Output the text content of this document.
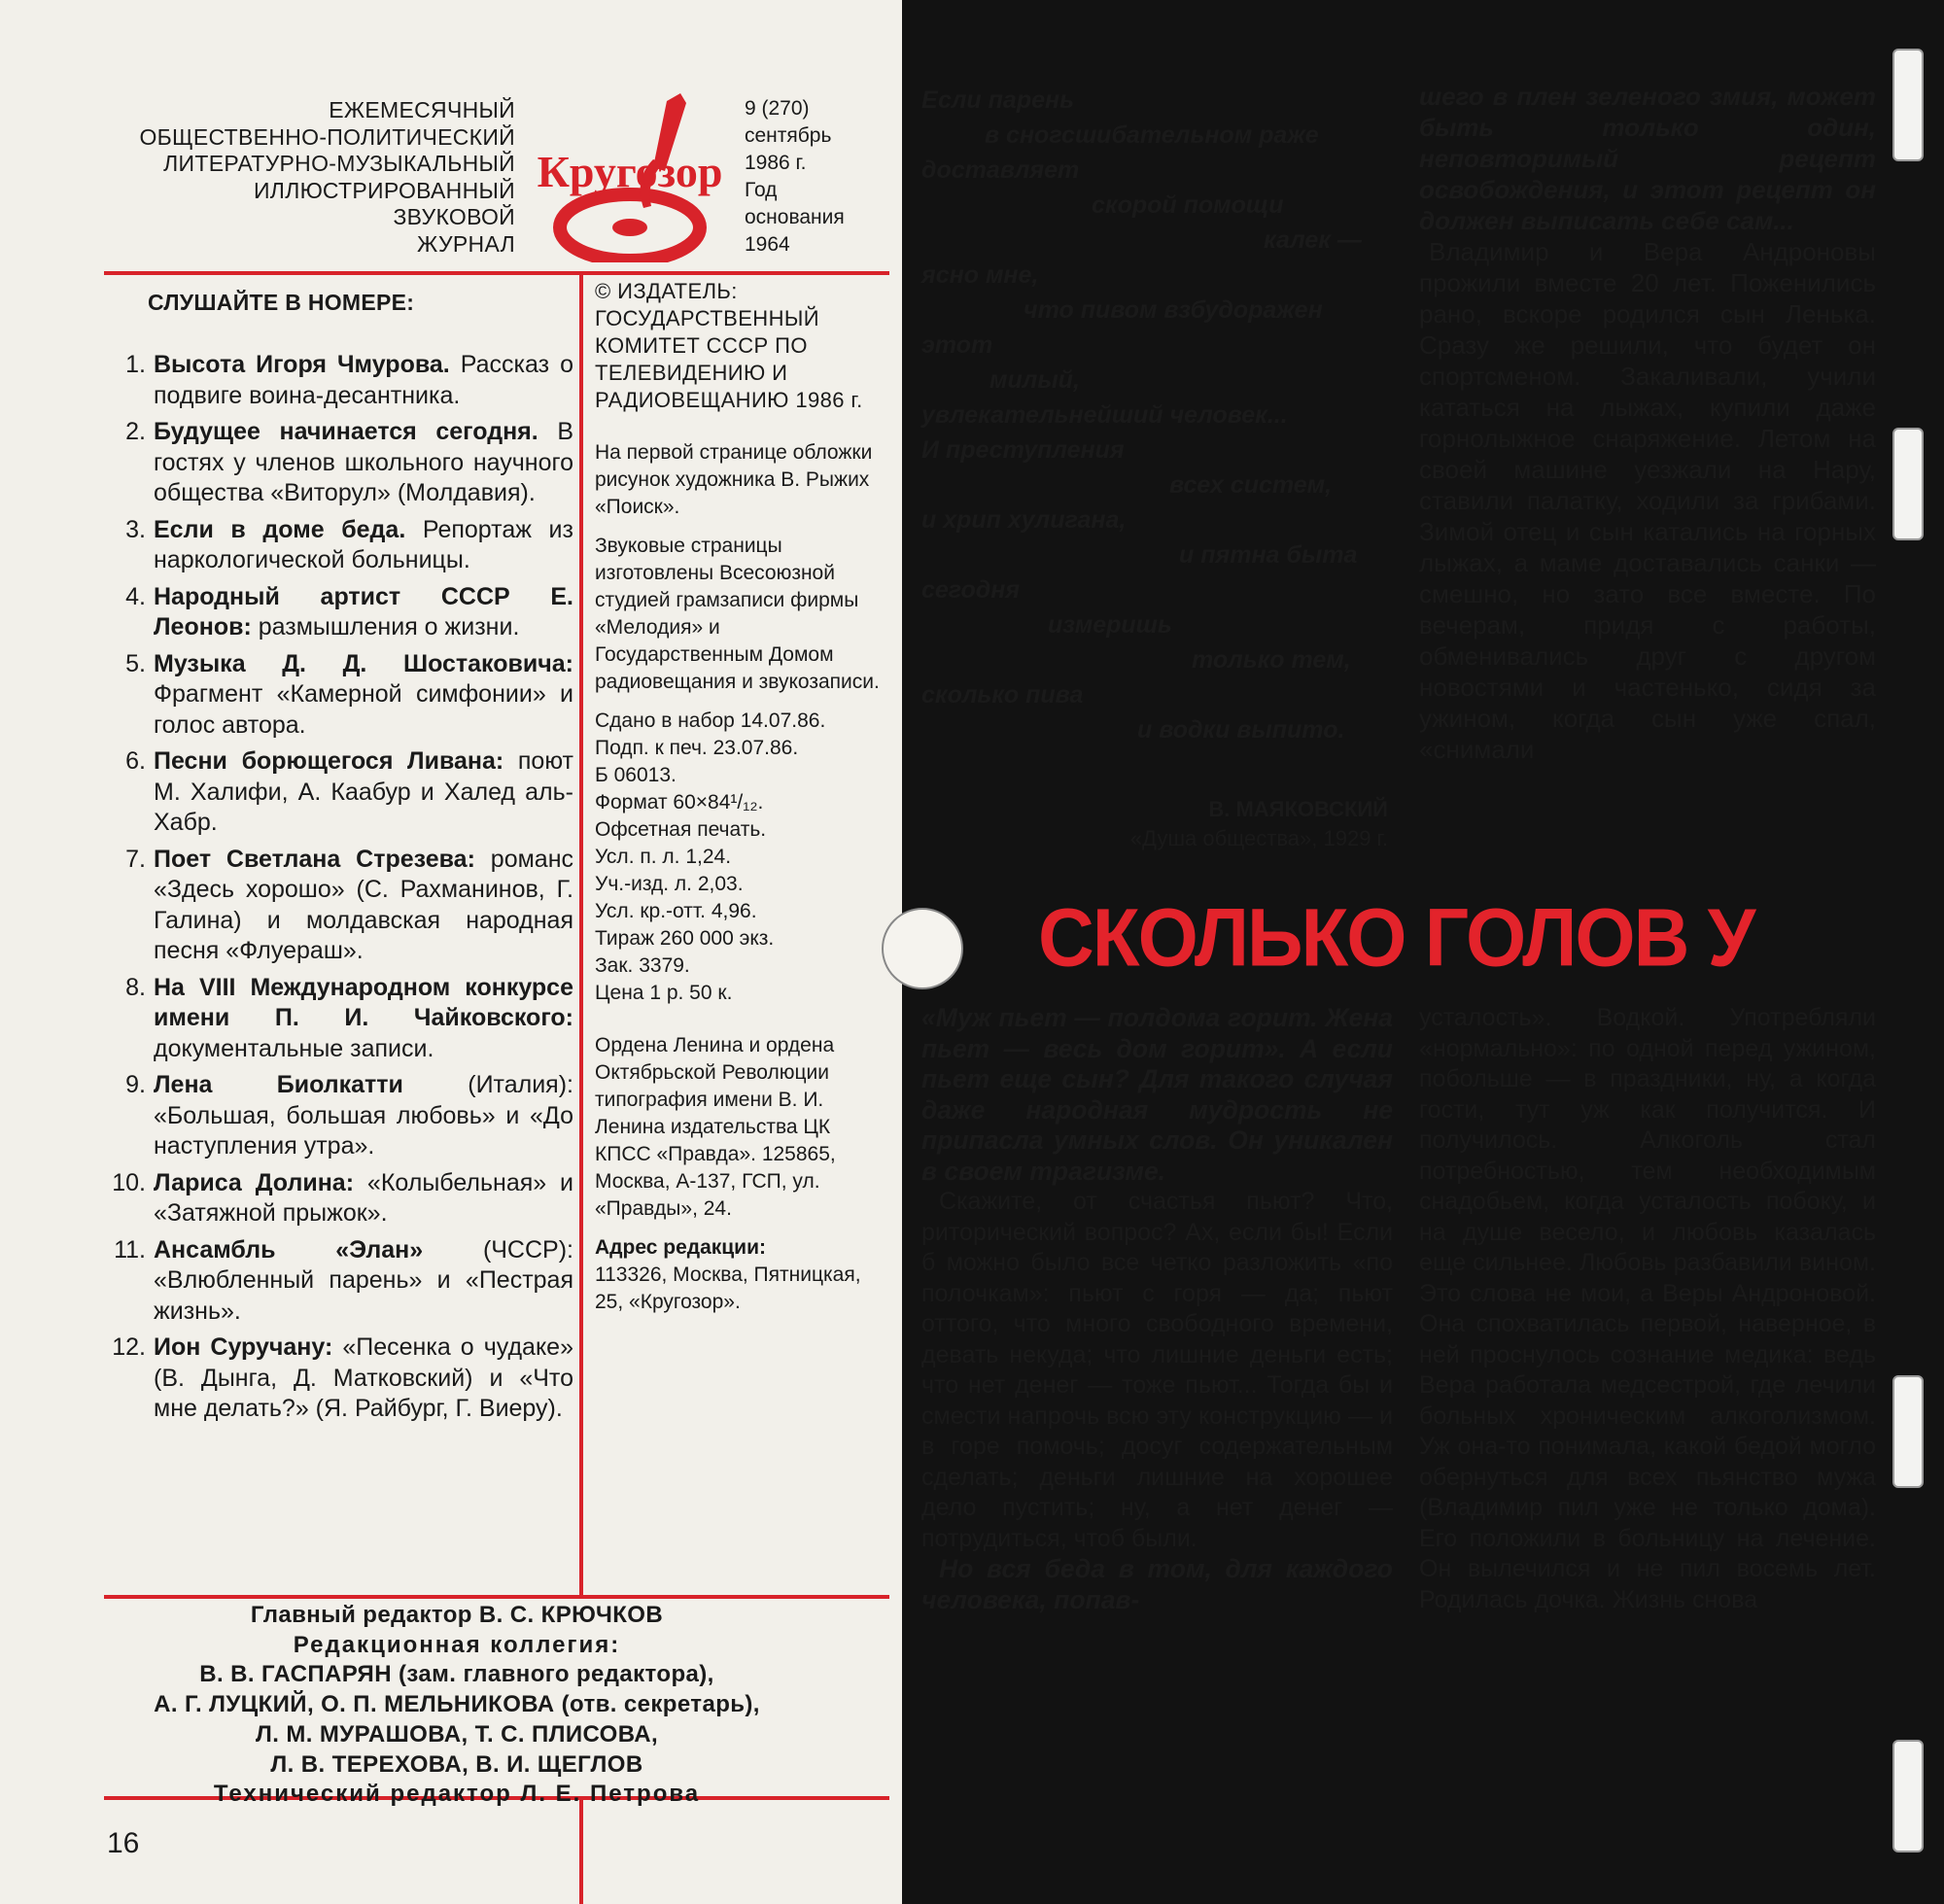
ЕЖЕМЕСЯЧНЫЙ
ОБЩЕСТВЕННО-ПОЛИТИЧЕСКИЙ
ЛИТЕРАТУРНО-МУЗЫКАЛЬНЫЙ
ИЛЛЮСТРИРОВАННЫЙ
ЗВУКОВОЙ
ЖУРНАЛ
Кругозор
9 (270)
сентябрь
1986 г.
Год
основания
1964
СЛУШАЙТЕ В НОМЕРЕ:
1. Высота Игоря Чмурова. Рассказ о подвиге воина-десантника.
2. Будущее начинается сегодня. В гостях у членов школьного научного общества «Виторул» (Молдавия).
3. Если в доме беда. Репортаж из наркологической больницы.
4. Народный артист СССР Е. Леонов: размышления о жизни.
5. Музыка Д. Д. Шостаковича: Фрагмент «Камерной симфонии» и голос автора.
6. Песни борющегося Ливана: поют М. Халифи, А. Каабур и Халед аль-Хабр.
7. Поет Светлана Стрезева: романс «Здесь хорошо» (С. Рахманинов, Г. Галина) и молдавская народная песня «Флуераш».
8. На VIII Международном конкурсе имени П. И. Чайковского: документальные записи.
9. Лена Биолкатти (Италия): «Большая, большая любовь» и «До наступления утра».
10. Лариса Долина: «Колыбельная» и «Затяжной прыжок».
11. Ансамбль «Элан» (ЧССР): «Влюбленный парень» и «Пестрая жизнь».
12. Ион Суручану: «Песенка о чудаке» (В. Дынга, Д. Матковский) и «Что мне делать?» (Я. Райбург, Г. Виеру).

© ИЗДАТЕЛЬ: ГОСУДАРСТВЕННЫЙ КОМИТЕТ СССР ПО ТЕЛЕВИДЕНИЮ И РАДИОВЕЩАНИЮ 1986 г.

На первой странице обложки рисунок художника В. Рыжих «Поиск».

Звуковые страницы изготовлены Всесоюзной студией грамзаписи фирмы «Мелодия» и Государственным Домом радиовещания и звукозаписи.

Сдано в набор 14.07.86.
Подп. к печ. 23.07.86.
Б 06013.
Формат 60×84¹/₁₂.
Офсетная печать.
Усл. п. л. 1,24.
Уч.-изд. л. 2,03.
Усл. кр.-отт. 4,96.
Тираж 260 000 экз.
Зак. 3379.
Цена 1 р. 50 к.

Ордена Ленина и ордена Октябрьской Революции типография имени В. И. Ленина издательства ЦК КПСС «Правда». 125865, Москва, А-137, ГСП, ул. «Правды», 24.

Адрес редакции:
113326, Москва, Пятницкая, 25, «Кругозор».
Главный редактор В. С. КРЮЧКОВ
Редакционная коллегия:
В. В. ГАСПАРЯН (зам. главного редактора),
А. Г. ЛУЦКИЙ, О. П. МЕЛЬНИКОВА (отв. секретарь),
Л. М. МУРАШОВА, Т. С. ПЛИСОВА,
Л. В. ТЕРЕХОВА, В. И. ЩЕГЛОВ
Технический редактор Л. Е. Петрова
16
Если парень
в сногсшибательном раже
доставляет
скорой помощи
калек —
ясно мне,
что пивом взбудоражен
этот
милый,
увлекательнейший человек...
И преступления
всех систем,
и хрип хулигана,
и пятна быта
сегодня
измеришь
только тем,
сколько пива
и водки выпито.
В. МАЯКОВСКИЙ
«Душа общества», 1929 г.
шего в плен зеленого змия, может быть только один, неповторимый рецепт освобождения, и этот рецепт он должен выписать себе сам...

Владимир и Вера Андроновы прожили вместе 20 лет. Поженились рано, вскоре родился сын Ленька. Сразу же решили, что будет он спортсменом. Закаливали, учили кататься на лыжах, купили даже горнолыжное снаряжение. Летом на своей машине уезжали на Нару, ставили палатку, ходили за грибами. Зимой отец и сын катались на горных лыжах, а маме доставались санки — смешно, но зато все вместе. По вечерам, придя с работы, обменивались друг с другом новостями и частенько, сидя за ужином, когда сын уже спал, «снимали

СКОЛЬКО ГОЛОВ У
«Муж пьет — полдома горит. Жена пьет — весь дом горит». А если пьет еще сын? Для такого случая даже народная мудрость не припасла умных слов. Он уникален в своем трагизме.

Скажите, от счастья пьют? Что, риторический вопрос? Ах, если бы! Если б можно было все четко разложить «по полочкам»: пьют с горя — да; пьют оттого, что много свободного времени, девать некуда; что лишние деньги есть; что нет денег — тоже пьют... Тогда бы и смести напрочь всю эту конструкцию — и в горе помочь; досуг содержательным сделать; деньги лишние на хорошее дело пустить; ну, а нет денег — потрудиться, чтоб были.

Но вся беда в том, для каждого человека, попав-

усталость». Водкой. Употребляли «нормально»: по одной перед ужином, побольше — в праздники, ну, а когда гости, тут уж как получится. И получилось. Алкоголь стал потребностью, тем необходимым снадобьем, когда усталость побоку, и на душе весело, и любовь казалась еще сильнее. Любовь разбавили вином. Это слова не мои, а Веры Андроновой. Она спохватилась первой, наверное, в ней проснулось сознание медика: ведь Вера работала медсестрой, где лечили больных хроническим алкоголизмом. Уж она-то понимала, какой бедой могло обернуться для всех пьянство мужа (Владимир пил уже не только дома). Его положили в больницу на лечение. Он вылечился и не пил восемь лет. Родилась дочка. Жизнь снова
